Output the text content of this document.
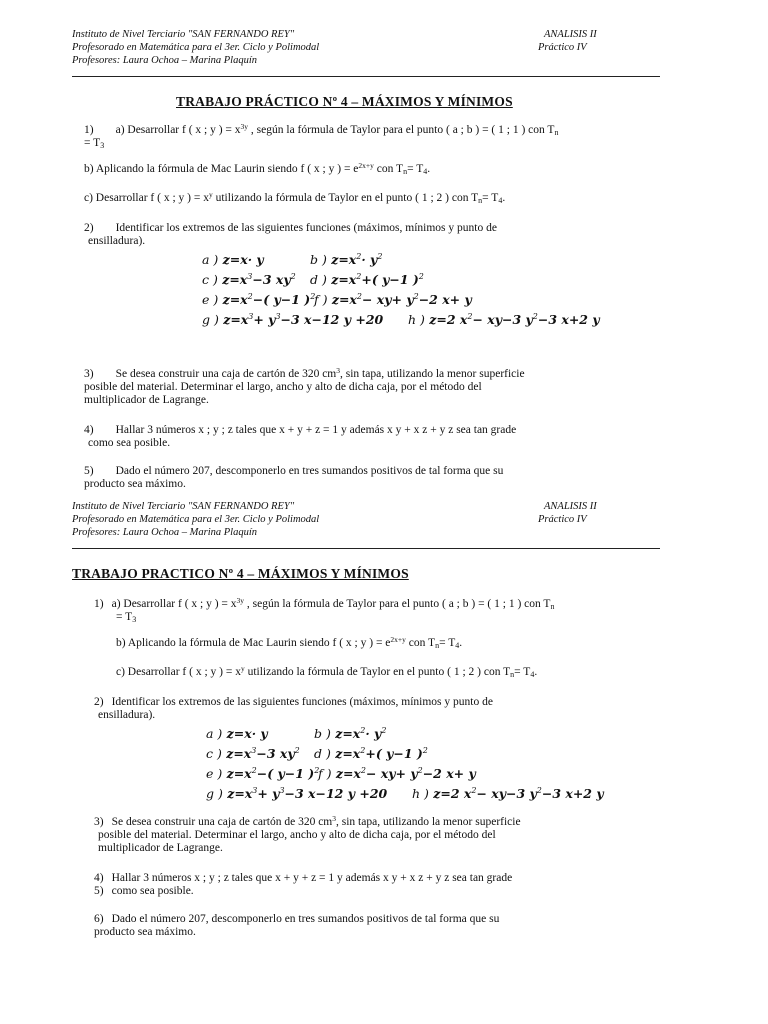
Instituto de Nivel Terciario "SAN FERNANDO REY"
Profesorado en Matemática para el 3er. Ciclo y Polimodal
Profesores: Laura Ochoa – Marina Plaquín
ANALISIS II
Práctico IV
TRABAJO PRÁCTICO Nº 4 – MÁXIMOS Y MÍNIMOS
1) a) Desarrollar f ( x ; y ) = $x^{3y}$ , según la fórmula de Taylor para el punto ( a ; b ) = ( 1 ; 1 ) con $T_n$
= $T_3$
b) Aplicando la fórmula de Mac Laurin siendo f ( x ; y ) = $e^{2x+y}$ con $T_n= T_4$.
c) Desarrollar f ( x ; y ) = $x^y$ utilizando la fórmula de Taylor en el punto ( 1 ; 2 ) con $T_n= T_4$.
2) Identificar los extremos de las siguientes funciones (máximos, mínimos y punto de
ensilladura).
a ) z=x· y	b ) $z=x^2\cdot y^2$
c ) $z=x^3-3$ $xy^2$ d ) $z=x^2+$( y−1 )$^2$
e ) $z=x^2-$( y−1 )$^2$f ) $z=x^2- xy+ y^2-2$ x+ y
g ) $z=x^3+ y^3-3$ x−12 y +20 h ) z=2 $x^2- xy-3$ $y^2-3$ x+2 y
3) Se desea construir una caja de cartón de 320 $cm^3$, sin tapa, utilizando la menor superficie
posible del material. Determinar el largo, ancho y alto de dicha caja, por el método del
multiplicador de Lagrange.
4) Hallar 3 números x ; y ; z tales que x + y + z = 1 y además x y + x z + y z sea tan grade
como sea posible.
5) Dado el número 207, descomponerlo en tres sumandos positivos de tal forma que su
producto sea máximo.
Instituto de Nivel Terciario "SAN FERNANDO REY"
Profesorado en Matemática para el 3er. Ciclo y Polimodal
Profesores: Laura Ochoa – Marina Plaquín
ANALISIS II
Práctico IV
TRABAJO PRACTICO Nº 4 – MÁXIMOS Y MÍNIMOS
1) a) Desarrollar f ( x ; y ) = $x^{3y}$ , según la fórmula de Taylor para el punto ( a ; b ) = ( 1 ; 1 ) con $T_n$
= $T_3$
b) Aplicando la fórmula de Mac Laurin siendo f ( x ; y ) = $e^{2x+y}$ con $T_n= T_4$.
c) Desarrollar f ( x ; y ) = $x^y$ utilizando la fórmula de Taylor en el punto ( 1 ; 2 ) con $T_n= T_4$.
2) Identificar los extremos de las siguientes funciones (máximos, mínimos y punto de
ensilladura).
a ) z=x· y	b ) $z=x^2\cdot y^2$
c ) $z=x^3-3$ $xy^2$ d ) $z=x^2+$( y−1 )$^2$
e ) $z=x^2-$( y−1 )$^2$f ) $z=x^2- xy+ y^2-2$ x+ y
g ) $z=x^3+ y^3-3$ x−12 y +20 h ) z=2 $x^2- xy-3$ $y^2-3$ x+2 y
3) Se desea construir una caja de cartón de 320 $cm^3$, sin tapa, utilizando la menor superficie
posible del material. Determinar el largo, ancho y alto de dicha caja, por el método del
multiplicador de Lagrange.
4) Hallar 3 números x ; y ; z tales que x + y + z = 1 y además x y + x z + y z sea tan grade
5) como sea posible.
6) Dado el número 207, descomponerlo en tres sumandos positivos de tal forma que su
producto sea máximo.
